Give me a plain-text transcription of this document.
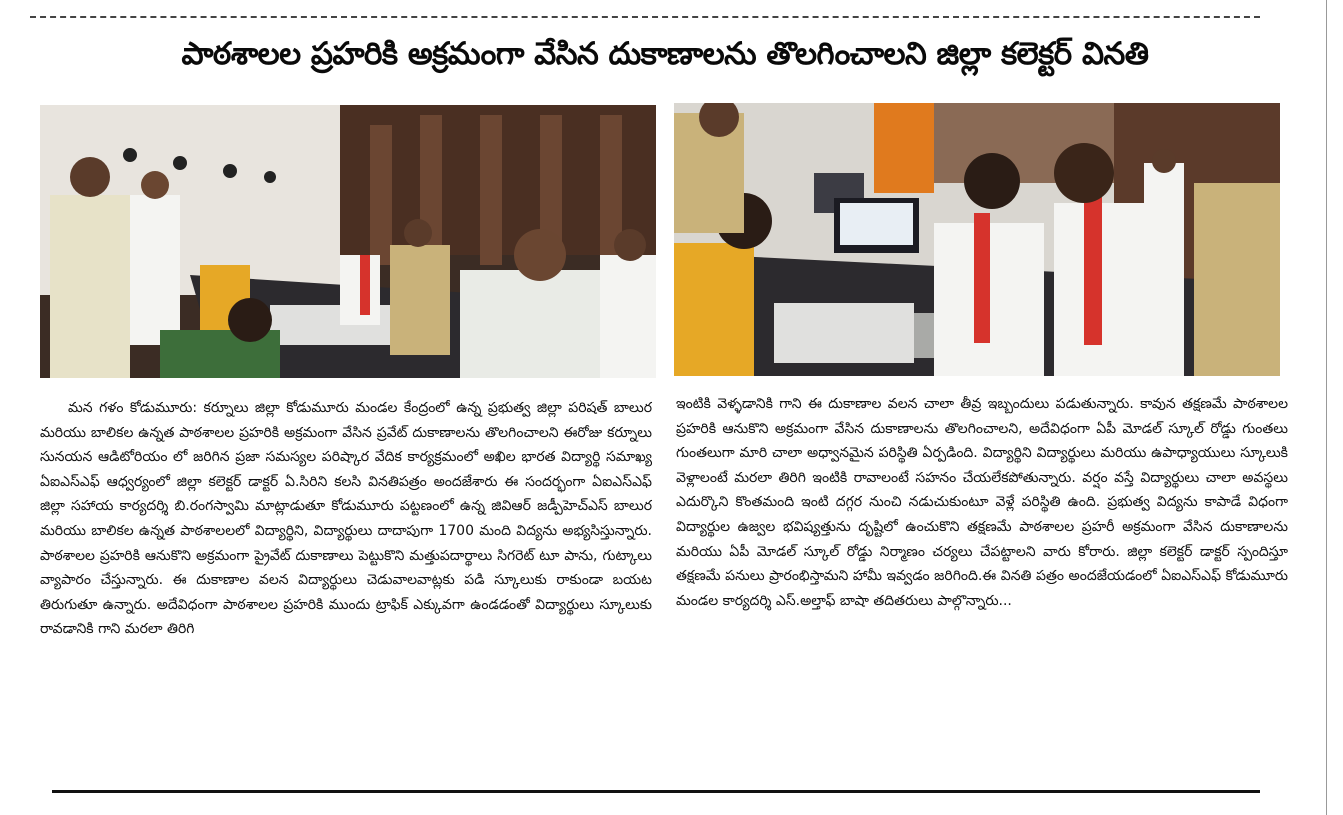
పాఠశాలల ప్రహరికి అక్రమంగా వేసిన దుకాణాలను తొలగించాలని జిల్లా కలెక్టర్ వినతి
మన గళం కోడుమూరు: కర్నూలు జిల్లా కోడుమూరు మండల కేంద్రంలో ఉన్న ప్రభుత్వ జిల్లా పరిషత్ బాలుర మరియు బాలికల ఉన్నత పాఠశాలల ప్రహరికి అక్రమంగా వేసిన ప్రవేట్ దుకాణాలను తొలగించాలని ఈరోజు కర్నూలు సునయన ఆడిటోరియం లో జరిగిన ప్రజా సమస్యల పరిష్కార వేదిక కార్యక్రమంలో అఖిల భారత విద్యార్థి సమాఖ్య ఏఐఎస్ఎఫ్ ఆధ్వర్యంలో జిల్లా కలెక్టర్ డాక్టర్ ఏ.సిరిని కలసి వినతిపత్రం అందజేశారు ఈ సందర్భంగా ఏఐఎస్ఎఫ్ జిల్లా సహాయ కార్యదర్శి బి.రంగస్వామి మాట్లాడుతూ కోడుమూరు పట్టణంలో ఉన్న జివిఆర్ జడ్పీహెచ్ఎస్ బాలుర మరియు బాలికల ఉన్నత పాఠశాలలలో విద్యార్థిని, విద్యార్థులు దాదాపుగా 1700 మంది విద్యను అభ్యసిస్తున్నారు. పాఠశాలల ప్రహరికి ఆనుకొని అక్రమంగా ప్రైవేట్ దుకాణాలు పెట్టుకొని మత్తుపదార్థాలు సిగరెట్ టూ పాను, గుట్కాలు వ్యాపారం చేస్తున్నారు. ఈ దుకాణాల వలన విద్యార్థులు చెడువాలవాట్లకు పడి స్కూలుకు రాకుండా బయట తిరుగుతూ ఉన్నారు. అదేవిధంగా పాఠశాలల ప్రహరికి ముందు ట్రాఫిక్ ఎక్కువగా ఉండడంతో విద్యార్థులు స్కూలుకు రావడానికి గాని మరలా తిరిగి
ఇంటికి వెళ్ళడానికి గాని ఈ దుకాణాల వలన చాలా తీవ్ర ఇబ్బందులు పడుతున్నారు. కావున తక్షణమే పాఠశాలల ప్రహరికి ఆనుకొని అక్రమంగా వేసిన దుకాణాలను తొలగించాలని, అదేవిధంగా ఏపీ మోడల్ స్కూల్ రోడ్డు గుంతలు గుంతలుగా మారి చాలా అధ్వానమైన పరిస్థితి ఏర్పడింది. విద్యార్థిని విద్యార్థులు మరియు ఉపాధ్యాయులు స్కూలుకి వెళ్లాలంటే మరలా తిరిగి ఇంటికి రావాలంటే సహనం చేయలేకపోతున్నారు. వర్షం వస్తే విద్యార్థులు చాలా అవస్థలు ఎదుర్కొని కొంతమంది ఇంటి దగ్గర నుంచి నడుచుకుంటూ వెళ్లే పరిస్థితి ఉంది. ప్రభుత్వ విద్యను కాపాడే విధంగా విద్యార్థుల ఉజ్వల భవిష్యత్తును దృష్టిలో ఉంచుకొని తక్షణమే పాఠశాలల ప్రహరీ అక్రమంగా వేసిన దుకాణాలను మరియు ఏపీ మోడల్ స్కూల్ రోడ్డు నిర్మాణం చర్యలు చేపట్టాలని వారు కోరారు. జిల్లా కలెక్టర్ డాక్టర్ స్పందిస్తూ తక్షణమే పనులు ప్రారంభిస్తామని హామీ ఇవ్వడం జరిగింది.ఈ వినతి పత్రం అందజేయడంలో ఏఐఎస్ఎఫ్ కోడుమూరు మండల కార్యదర్శి ఎస్.అల్తాఫ్ బాషా తదితరులు పాల్గొన్నారు...
